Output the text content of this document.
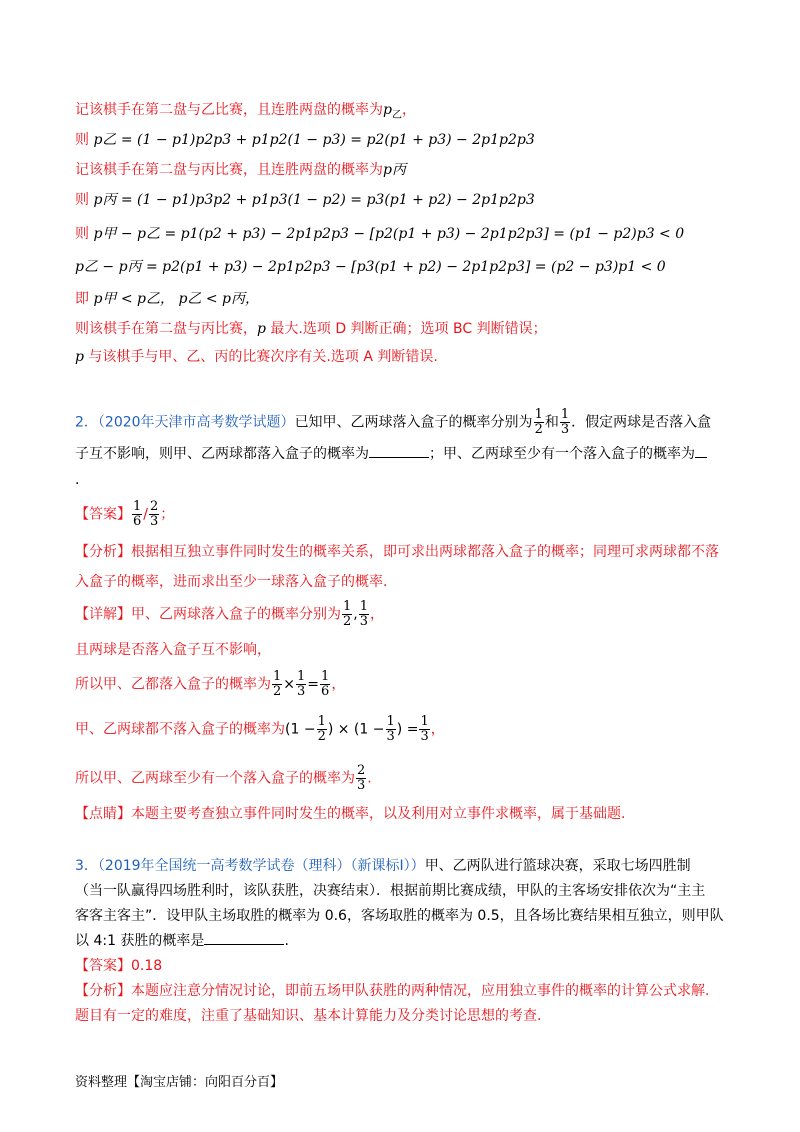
记该棋手在第二盘与乙比赛，且连胜两盘的概率为$p_乙$，
则 p乙 = (1 − p1)p2p3 + p1p2(1 − p3) = p2(p1 + p3) − 2p1p2p3
记该棋手在第二盘与丙比赛，且连胜两盘的概率为p丙
则 p丙 = (1 − p1)p3p2 + p1p3(1 − p2) = p3(p1 + p2) − 2p1p2p3
则 p甲 − p乙 = p1(p2 + p3) − 2p1p2p3 − [p2(p1 + p3) − 2p1p2p3] = (p1 − p2)p3 < 0
p乙 − p丙 = p2(p1 + p3) − 2p1p2p3 − [p3(p1 + p2) − 2p1p2p3] = (p2 − p3)p1 < 0
即 p甲 < p乙， p乙 < p丙，
则该棋手在第二盘与丙比赛，p 最大.选项 D 判断正确；选项 BC 判断错误；
p 与该棋手与甲、乙、丙的比赛次序有关.选项 A 判断错误.
2．（2020年天津市高考数学试题）已知甲、乙两球落入盒子的概率分别为 $\frac{1}{2}$ 和 $\frac{1}{3}$ ．假定两球是否落入盒
子互不影响，则甲、乙两球都落入盒子的概率为	；甲、乙两球至少有一个落入盒子的概率为
.
【答案】 $\frac{1}{6} / \frac{2}{3}$ ；
【分析】根据相互独立事件同时发生的概率关系，即可求出两球都落入盒子的概率；同理可求两球都不落
入盒子的概率，进而求出至少一球落入盒子的概率.
【详解】甲、乙两球落入盒子的概率分别为 $\frac{1}{2}$ , $\frac{1}{3}$ ，
且两球是否落入盒子互不影响，
所以甲、乙都落入盒子的概率为 $\frac{1}{2} \times \frac{1}{3} = \frac{1}{6}$ ，
甲、乙两球都不落入盒子的概率为($1 - \frac{1}{2}$ ) × ($1 - \frac{1}{3}$ ) = $\frac{1}{3}$ ，
所以甲、乙两球至少有一个落入盒子的概率为 $\frac{2}{3}$ .
【点睛】本题主要考查独立事件同时发生的概率，以及利用对立事件求概率，属于基础题.
3．（2019年全国统一高考数学试卷（理科）（新课标Ⅰ））甲、乙两队进行篮球决赛，采取七场四胜制
（当一队赢得四场胜利时，该队获胜，决赛结束）．根据前期比赛成绩，甲队的主客场安排依次为“主主
客客主客主”．设甲队主场取胜的概率为 0.6，客场取胜的概率为 0.5，且各场比赛结果相互独立，则甲队
以 4:1 获胜的概率是	.
【答案】0.18
【分析】本题应注意分情况讨论，即前五场甲队获胜的两种情况，应用独立事件的概率的计算公式求解.
题目有一定的难度，注重了基础知识、基本计算能力及分类讨论思想的考查.
资料整理【淘宝店铺：向阳百分百】
